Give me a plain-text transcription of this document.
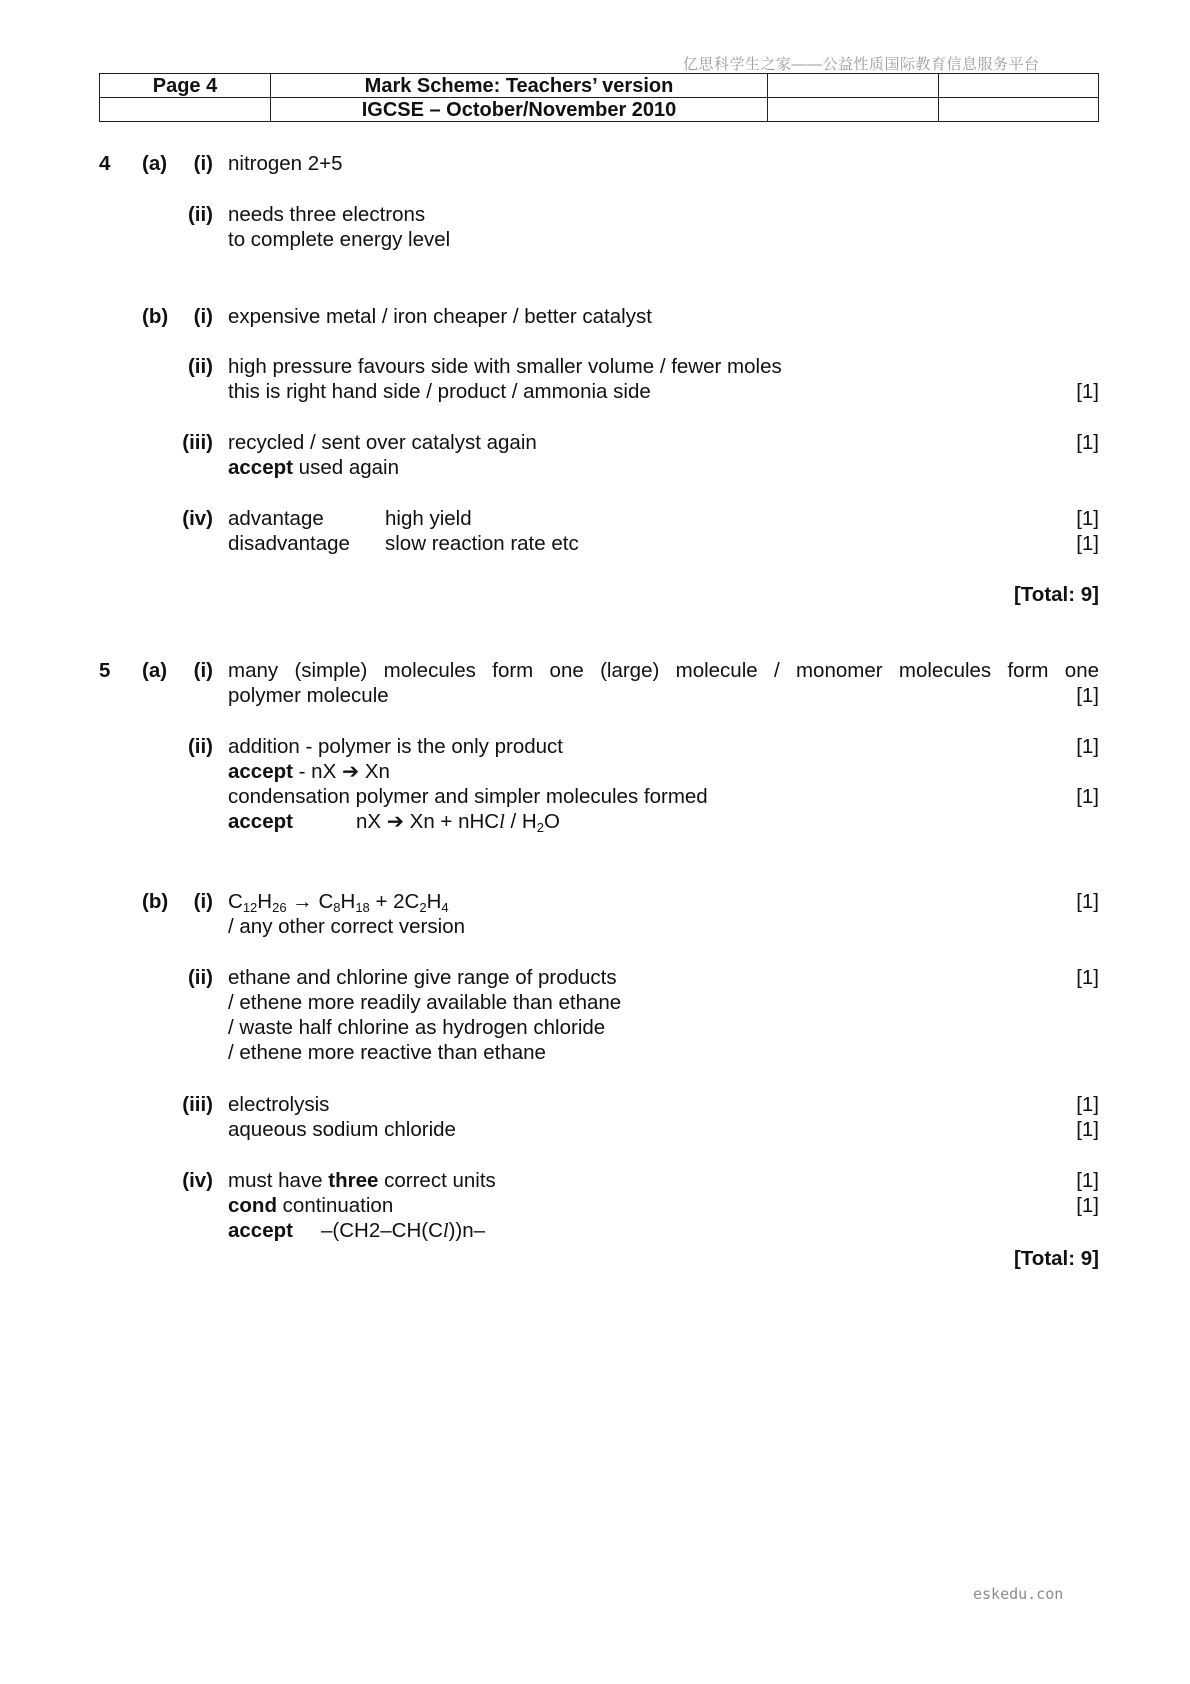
亿思科学生之家——公益性质国际教育信息服务平台
Page 4	Mark Scheme: Teachers’ version		
	IGCSE – October/November 2010		
4 (a)	(i) nitrogen 2+5
(ii) needs three electrons
to complete energy level
(b)	(i) expensive metal / iron cheaper / better catalyst
(ii) high pressure favours side with smaller volume / fewer moles
this is right hand side / product / ammonia side	[1]
(iii) recycled / sent over catalyst again	[1]
accept used again
(iv) advantage	high yield	[1]
disadvantage slow reaction rate etc	[1]
[Total: 9]
5 (a)	(i) many (simple) molecules form one (large) molecule / monomer molecules form one
polymer molecule	[1]
(ii) addition - polymer is the only product	[1]
accept - nX ➔ Xn
condensation polymer and simpler molecules formed	[1]
accept	nX ➔ Xn + nHCl / $H_2O$
(b)	(i) $C_{12}H_{26} \to C_8H_{18} + 2C_2H_4$	[1]
/ any other correct version
(ii) ethane and chlorine give range of products	[1]
/ ethene more readily available than ethane
/ waste half chlorine as hydrogen chloride
/ ethene more reactive than ethane
(iii) electrolysis	[1]
aqueous sodium chloride	[1]
(iv) must have three correct units	[1]
cond continuation	[1]
accept –(CH2–CH(Cl))n–
[Total: 9]
eskedu.con
